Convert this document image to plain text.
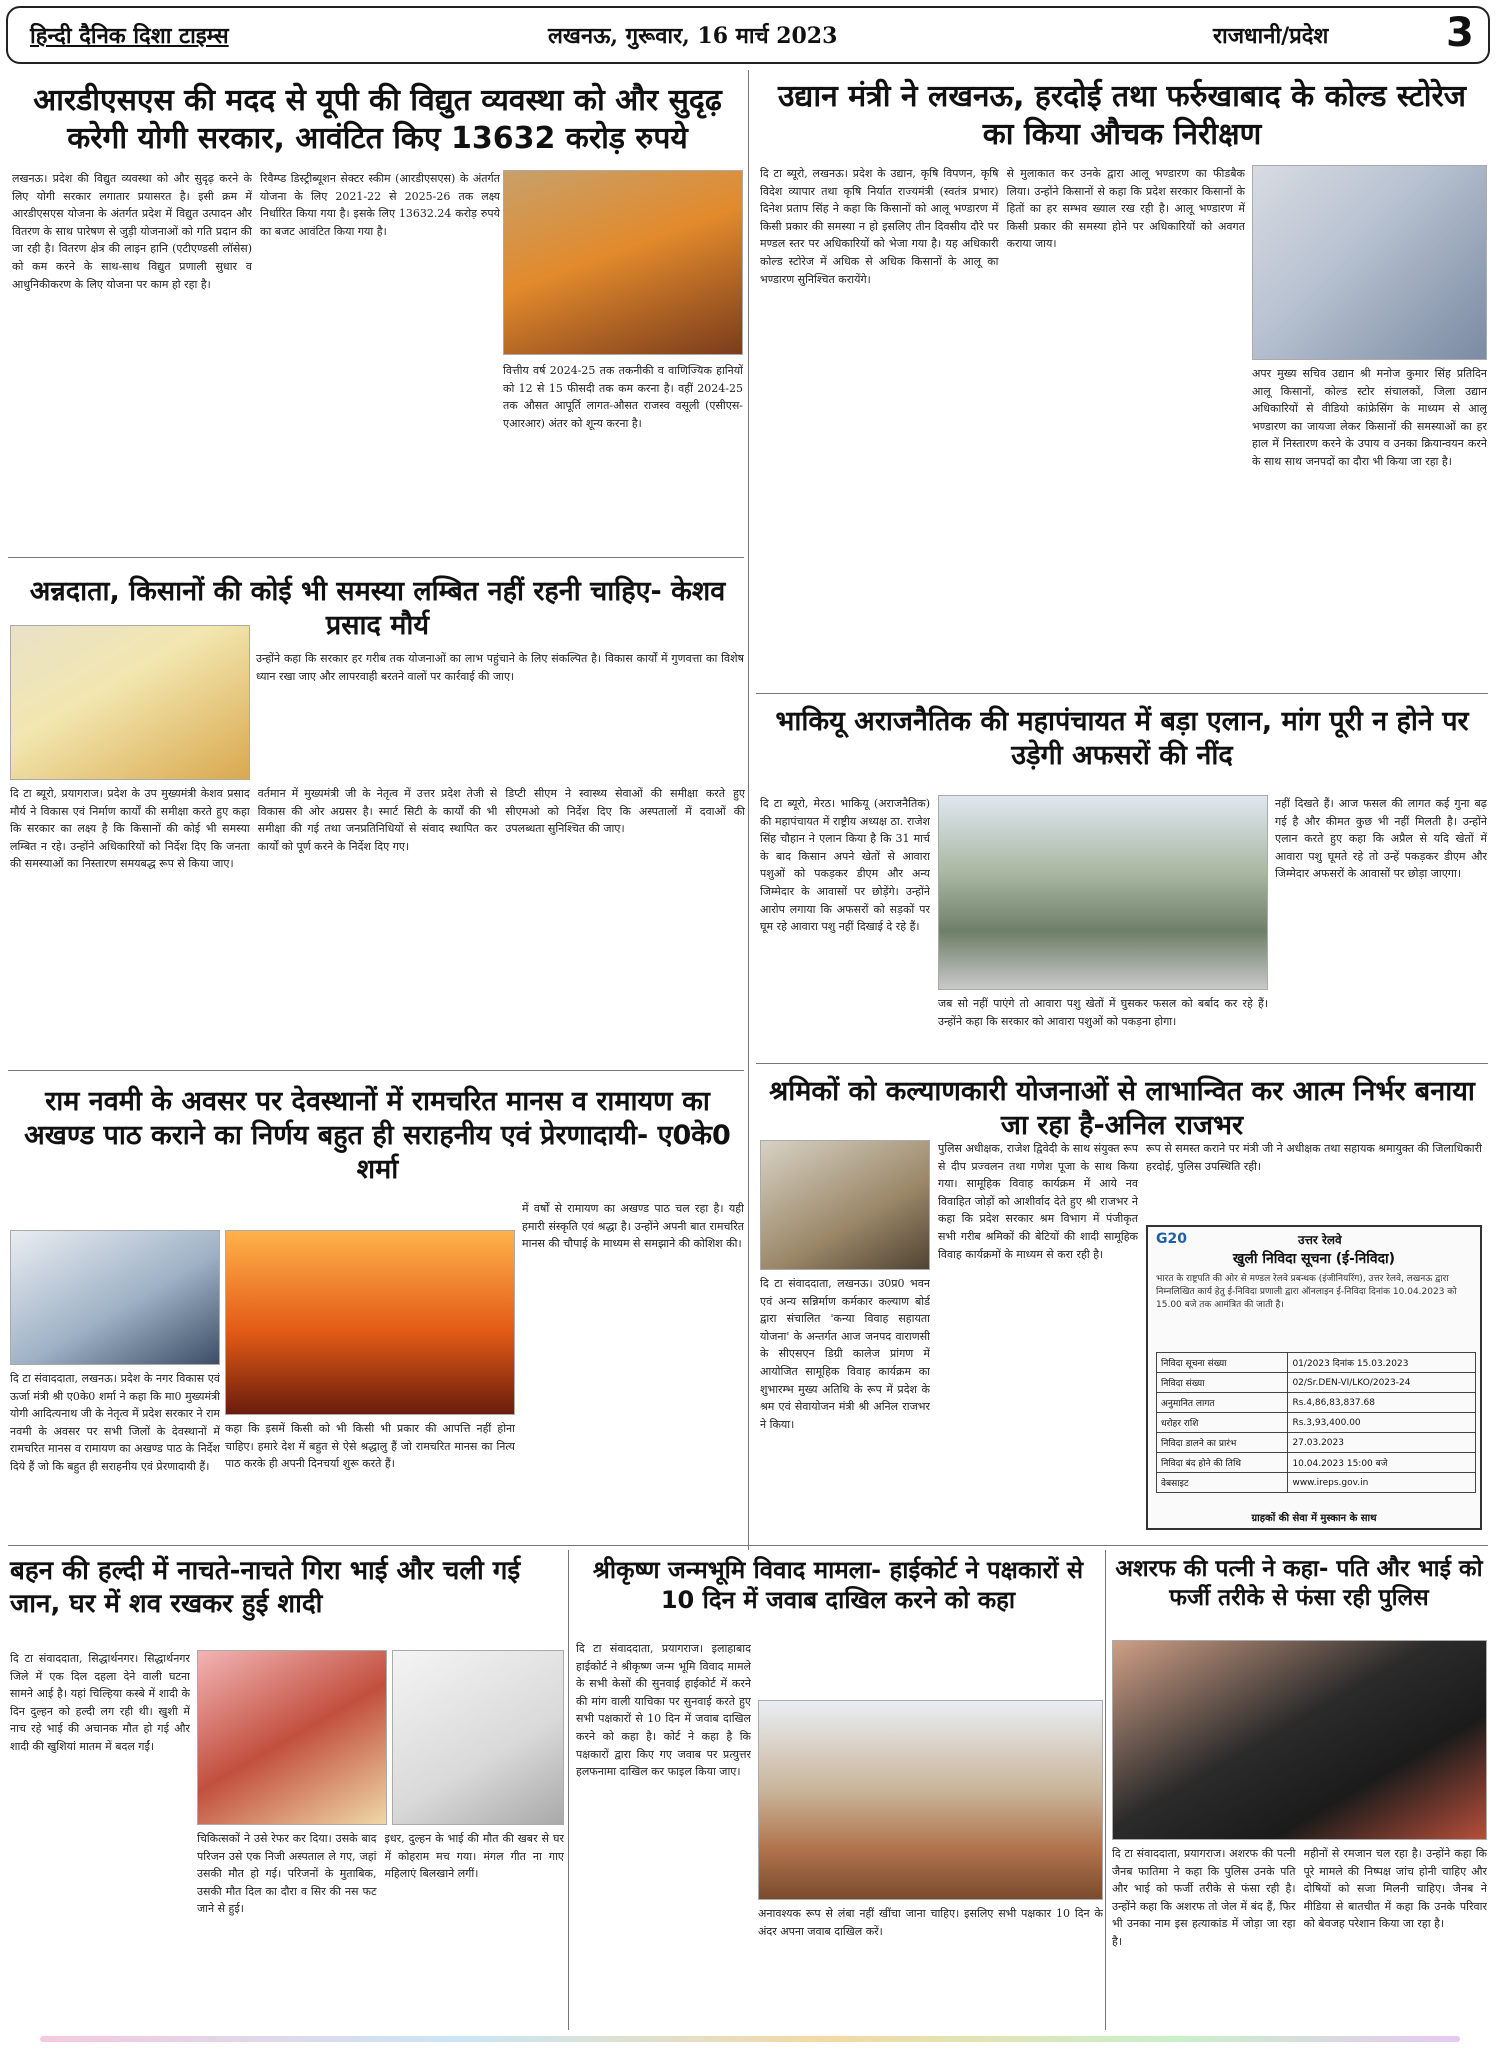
हिन्दी दैनिक दिशा टाइम्स	लखनऊ, गुरूवार, 16 मार्च 2023	राजधानी/प्रदेश	3
आरडीएसएस की मदद से यूपी की विद्युत व्यवस्था को और सुदृढ़ करेगी योगी सरकार, आवंटित किए 13632 करोड़ रुपये
लखनऊ। प्रदेश की विद्युत व्यवस्था को और सुदृढ़ करने के लिए योगी सरकार लगातार प्रयासरत है। इसी क्रम में आरडीएसएस योजना के अंतर्गत प्रदेश में विद्युत उत्पादन और वितरण के साथ पारेषण से जुड़ी योजनाओं को गति प्रदान की जा रही है। वितरण क्षेत्र की लाइन हानि (एटीएण्डसी लॉसेस) को कम करने के साथ-साथ विद्युत प्रणाली सुधार व आधुनिकीकरण के लिए योजना पर काम हो रहा है।
रिवैम्प्ड डिस्ट्रीब्यूशन सेक्टर स्कीम (आरडीएसएस) के अंतर्गत योजना के लिए 2021-22 से 2025-26 तक लक्ष्य निर्धारित किया गया है। इसके लिए 13632.24 करोड़ रुपये का बजट आवंटित किया गया है।
वित्तीय वर्ष 2024-25 तक तकनीकी व वाणिज्यिक हानियों को 12 से 15 फीसदी तक कम करना है। वहीं 2024-25 तक औसत आपूर्ति लागत-औसत राजस्व वसूली (एसीएस-एआरआर) अंतर को शून्य करना है।
अन्नदाता, किसानों की कोई भी समस्या लम्बित नहीं रहनी चाहिए- केशव प्रसाद मौर्य
उन्होंने कहा कि सरकार हर गरीब तक योजनाओं का लाभ पहुंचाने के लिए संकल्पित है। विकास कार्यों में गुणवत्ता का विशेष ध्यान रखा जाए और लापरवाही बरतने वालों पर कार्रवाई की जाए।
दि टा ब्यूरो, प्रयागराज। प्रदेश के उप मुख्यमंत्री केशव प्रसाद मौर्य ने विकास एवं निर्माण कार्यों की समीक्षा करते हुए कहा कि सरकार का लक्ष्य है कि किसानों की कोई भी समस्या लम्बित न रहे। उन्होंने अधिकारियों को निर्देश दिए कि जनता की समस्याओं का निस्तारण समयबद्ध रूप से किया जाए।
वर्तमान में मुख्यमंत्री जी के नेतृत्व में उत्तर प्रदेश तेजी से विकास की ओर अग्रसर है। स्मार्ट सिटी के कार्यों की भी समीक्षा की गई तथा जनप्रतिनिधियों से संवाद स्थापित कर कार्यों को पूर्ण करने के निर्देश दिए गए।
डिप्टी सीएम ने स्वास्थ्य सेवाओं की समीक्षा करते हुए सीएमओ को निर्देश दिए कि अस्पतालों में दवाओं की उपलब्धता सुनिश्चित की जाए।
राम नवमी के अवसर पर देवस्थानों में रामचरित मानस व रामायण का अखण्ड पाठ कराने का निर्णय बहुत ही सराहनीय एवं प्रेरणादायी- ए0के0 शर्मा
में वर्षों से रामायण का अखण्ड पाठ चल रहा है। यही हमारी संस्कृति एवं श्रद्धा है। उन्होंने अपनी बात रामचरित मानस की चौपाई के माध्यम से समझाने की कोशिश की।
दि टा संवाददाता, लखनऊ। प्रदेश के नगर विकास एवं ऊर्जा मंत्री श्री ए0के0 शर्मा ने कहा कि मा0 मुख्यमंत्री योगी आदित्यनाथ जी के नेतृत्व में प्रदेश सरकार ने राम नवमी के अवसर पर सभी जिलों के देवस्थानों में रामचरित मानस व रामायण का अखण्ड पाठ के निर्देश दिये हैं जो कि बहुत ही सराहनीय एवं प्रेरणादायी हैं।
कहा कि इसमें किसी को भी किसी भी प्रकार की आपत्ति नहीं होना चाहिए। हमारे देश में बहुत से ऐसे श्रद्धालु हैं जो रामचरित मानस का नित्य पाठ करके ही अपनी दिनचर्या शुरू करते हैं।
उद्यान मंत्री ने लखनऊ, हरदोई तथा फर्रुखाबाद के कोल्ड स्टोरेज का किया औचक निरीक्षण
दि टा ब्यूरो, लखनऊ। प्रदेश के उद्यान, कृषि विपणन, कृषि विदेश व्यापार तथा कृषि निर्यात राज्यमंत्री (स्वतंत्र प्रभार) दिनेश प्रताप सिंह ने कहा कि किसानों को आलू भण्डारण में किसी प्रकार की समस्या न हो इसलिए तीन दिवसीय दौरे पर मण्डल स्तर पर अधिकारियों को भेजा गया है। यह अधिकारी कोल्ड स्टोरेज में अधिक से अधिक किसानों के आलू का भण्डारण सुनिश्चित करायेंगे।
से मुलाकात कर उनके द्वारा आलू भण्डारण का फीडबैक लिया। उन्होंने किसानों से कहा कि प्रदेश सरकार किसानों के हितों का हर सम्भव ख्याल रख रही है। आलू भण्डारण में किसी प्रकार की समस्या होने पर अधिकारियों को अवगत कराया जाय।
अपर मुख्य सचिव उद्यान श्री मनोज कुमार सिंह प्रतिदिन आलू किसानों, कोल्ड स्टोर संचालकों, जिला उद्यान अधिकारियों से वीडियो कांफ्रेसिंग के माध्यम से आलू भण्डारण का जायजा लेकर किसानों की समस्याओं का हर हाल में निस्तारण करने के उपाय व उनका क्रियान्वयन करने के साथ साथ जनपदों का दौरा भी किया जा रहा है।
भाकियू अराजनैतिक की महापंचायत में बड़ा एलान, मांग पूरी न होने पर उड़ेगी अफसरों की नींद
दि टा ब्यूरो, मेरठ। भाकियू (अराजनैतिक) की महापंचायत में राष्ट्रीय अध्यक्ष ठा. राजेश सिंह चौहान ने एलान किया है कि 31 मार्च के बाद किसान अपने खेतों से आवारा पशुओं को पकड़कर डीएम और अन्य जिम्मेदार के आवासों पर छोड़ेंगे। उन्होंने आरोप लगाया कि अफसरों को सड़कों पर घूम रहे आवारा पशु नहीं दिखाई दे रहे हैं।
जब सो नहीं पाएंगे तो आवारा पशु खेतों में घुसकर फसल को बर्बाद कर रहे हैं। उन्होंने कहा कि सरकार को आवारा पशुओं को पकड़ना होगा।
नहीं दिखते हैं। आज फसल की लागत कई गुना बढ़ गई है और कीमत कुछ भी नहीं मिलती है। उन्होंने एलान करते हुए कहा कि अप्रैल से यदि खेतों में आवारा पशु घूमते रहे तो उन्हें पकड़कर डीएम और जिम्मेदार अफसरों के आवासों पर छोड़ा जाएगा।
श्रमिकों को कल्याणकारी योजनाओं से लाभान्वित कर आत्म निर्भर बनाया जा रहा है-अनिल राजभर
दि टा संवाददाता, लखनऊ। उ0प्र0 भवन एवं अन्य सन्निर्माण कर्मकार कल्याण बोर्ड द्वारा संचालित 'कन्या विवाह सहायता योजना' के अन्तर्गत आज जनपद वाराणसी के सीएसएन डिग्री कालेज प्रांगण में आयोजित सामूहिक विवाह कार्यक्रम का शुभारम्भ मुख्य अतिथि के रूप में प्रदेश के श्रम एवं सेवायोजन मंत्री श्री अनिल राजभर ने किया।
पुलिस अधीक्षक, राजेश द्विवेदी के साथ संयुक्त रूप से दीप प्रज्वलन तथा गणेश पूजा के साथ किया गया। सामूहिक विवाह कार्यक्रम में आये नव विवाहित जोड़ों को आशीर्वाद देते हुए श्री राजभर ने कहा कि प्रदेश सरकार श्रम विभाग में पंजीकृत सभी गरीब श्रमिकों की बेटियों की शादी सामूहिक विवाह कार्यक्रमों के माध्यम से करा रही है।
रूप से समस्त कराने पर मंत्री जी ने अधीक्षक तथा सहायक श्रमायुक्त की जिलाधिकारी हरदोई, पुलिस उपस्थिति रही।
G20	उत्तर रेलवे
खुली निविदा सूचना (ई-निविदा)
भारत के राष्ट्रपति की ओर से मण्डल रेलवे प्रबन्धक (इंजीनियरिंग), उत्तर रेलवे, लखनऊ द्वारा निम्नलिखित कार्य हेतु ई-निविदा प्रणाली द्वारा ऑनलाइन ई-निविदा दिनांक 10.04.2023 को 15.00 बजे तक आमंत्रित की जाती है।
निविदा सूचना संख्या	01/2023 दिनांक 15.03.2023
निविदा संख्या	02/Sr.DEN-VI/LKO/2023-24
अनुमानित लागत	Rs.4,86,83,837.68
धरोहर राशि	Rs.3,93,400.00
निविदा डालने का प्रारंभ	27.03.2023
निविदा बंद होने की तिथि	10.04.2023 15:00 बजे
वेबसाइट	www.ireps.gov.in
ग्राहकों की सेवा में मुस्कान के साथ
बहन की हल्दी में नाचते-नाचते गिरा भाई और चली गई जान, घर में शव रखकर हुई शादी
दि टा संवाददाता, सिद्धार्थनगर। सिद्धार्थनगर जिले में एक दिल दहला देने वाली घटना सामने आई है। यहां चिल्हिया कस्बे में शादी के दिन दुल्हन को हल्दी लग रही थी। खुशी में नाच रहे भाई की अचानक मौत हो गई और शादी की खुशियां मातम में बदल गईं।
चिकित्सकों ने उसे रेफर कर दिया। उसके बाद परिजन उसे एक निजी अस्पताल ले गए, जहां उसकी मौत हो गई। परिजनों के मुताबिक, उसकी मौत दिल का दौरा व सिर की नस फट जाने से हुई।
इधर, दुल्हन के भाई की मौत की खबर से घर में कोहराम मच गया। मंगल गीत ना गाए महिलाएं बिलखाने लगीं।
श्रीकृष्ण जन्मभूमि विवाद मामला- हाईकोर्ट ने पक्षकारों से 10 दिन में जवाब दाखिल करने को कहा
दि टा संवाददाता, प्रयागराज। इलाहाबाद हाईकोर्ट ने श्रीकृष्ण जन्म भूमि विवाद मामले के सभी केसों की सुनवाई हाईकोर्ट में करने की मांग वाली याचिका पर सुनवाई करते हुए सभी पक्षकारों से 10 दिन में जवाब दाखिल करने को कहा है। कोर्ट ने कहा है कि पक्षकारों द्वारा किए गए जवाब पर प्रत्युत्तर हलफनामा दाखिल कर फाइल किया जाए।
अनावश्यक रूप से लंबा नहीं खींचा जाना चाहिए। इसलिए सभी पक्षकार 10 दिन के अंदर अपना जवाब दाखिल करें।
अशरफ की पत्नी ने कहा- पति और भाई को फर्जी तरीके से फंसा रही पुलिस
दि टा संवाददाता, प्रयागराज। अशरफ की पत्नी जैनब फातिमा ने कहा कि पुलिस उनके पति और भाई को फर्जी तरीके से फंसा रही है। उन्होंने कहा कि अशरफ तो जेल में बंद हैं, फिर भी उनका नाम इस हत्याकांड में जोड़ा जा रहा है।
महीनों से रमजान चल रहा है। उन्होंने कहा कि पूरे मामले की निष्पक्ष जांच होनी चाहिए और दोषियों को सजा मिलनी चाहिए। जैनब ने मीडिया से बातचीत में कहा कि उनके परिवार को बेवजह परेशान किया जा रहा है।
